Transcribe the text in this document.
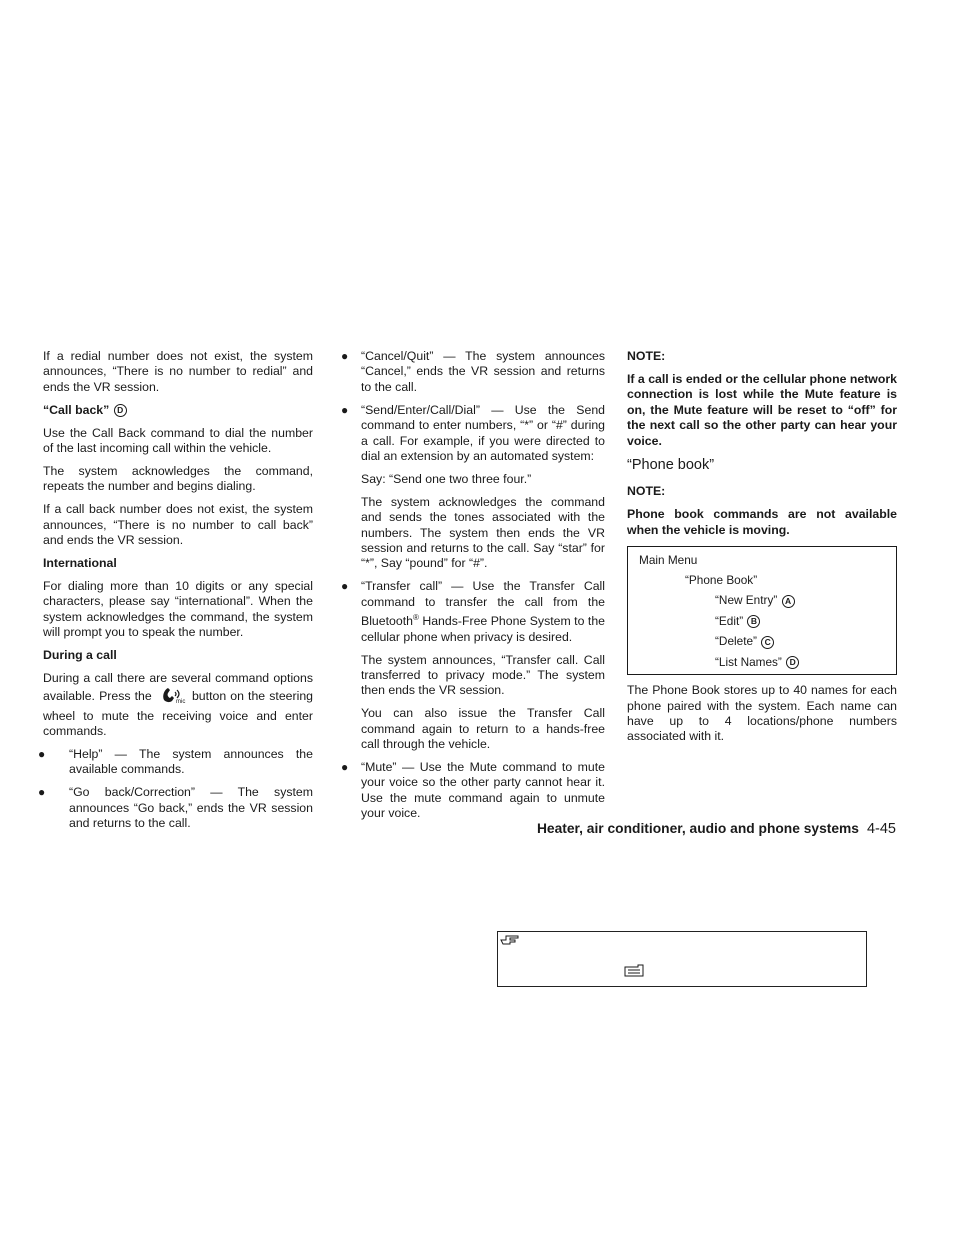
If a redial number does not exist, the system announces, “There is no number to redial” and ends the VR session.

“Call back” D

Use the Call Back command to dial the number of the last incoming call within the vehicle.

The system acknowledges the command, repeats the number and begins dialing.

If a call back number does not exist, the system announces, “There is no number to call back” and ends the VR session.

International

For dialing more than 10 digits or any special characters, please say “international”. When the system acknowledges the command, the system will prompt you to speak the number.

During a call

During a call there are several command options available. Press the	mic button on the steering wheel to mute the receiving voice and enter commands.

●	“Help” — The system announces the available commands.
●	“Go back/Correction” — The system announces “Go back,” ends the VR session and returns to the call.
●	“Cancel/Quit” — The system announces “Cancel,” ends the VR session and returns to the call.
●	“Send/Enter/Call/Dial” — Use the Send command to enter numbers, “*” or “#” during a call. For example, if you were directed to dial an extension by an automated system:
Say: “Send one two three four.”
The system acknowledges the command and sends the tones associated with the numbers. The system then ends the VR session and returns to the call. Say “star” for “*”, Say “pound” for “#”.
●	“Transfer call” — Use the Transfer Call command to transfer the call from the Bluetooth® Hands-Free Phone System to the cellular phone when privacy is desired.
The system announces, “Transfer call. Call transferred to privacy mode.” The system then ends the VR session.
You can also issue the Transfer Call command again to return to a hands-free call through the vehicle.
●	“Mute” — Use the Mute command to mute your voice so the other party cannot hear it. Use the mute command again to unmute your voice.
NOTE:
If a call is ended or the cellular phone network connection is lost while the Mute feature is on, the Mute feature will be reset to “off” for the next call so the other party can hear your voice.
“Phone book”
NOTE:
Phone book commands are not available when the vehicle is moving.
Main Menu
“Phone Book”
“New Entry” A
“Edit” B
“Delete” C
“List Names” D

The Phone Book stores up to 40 names for each phone paired with the system. Each name can have up to 4 locations/phone numbers associated with it.

Heater, air conditioner, audio and phone systems 4-45
